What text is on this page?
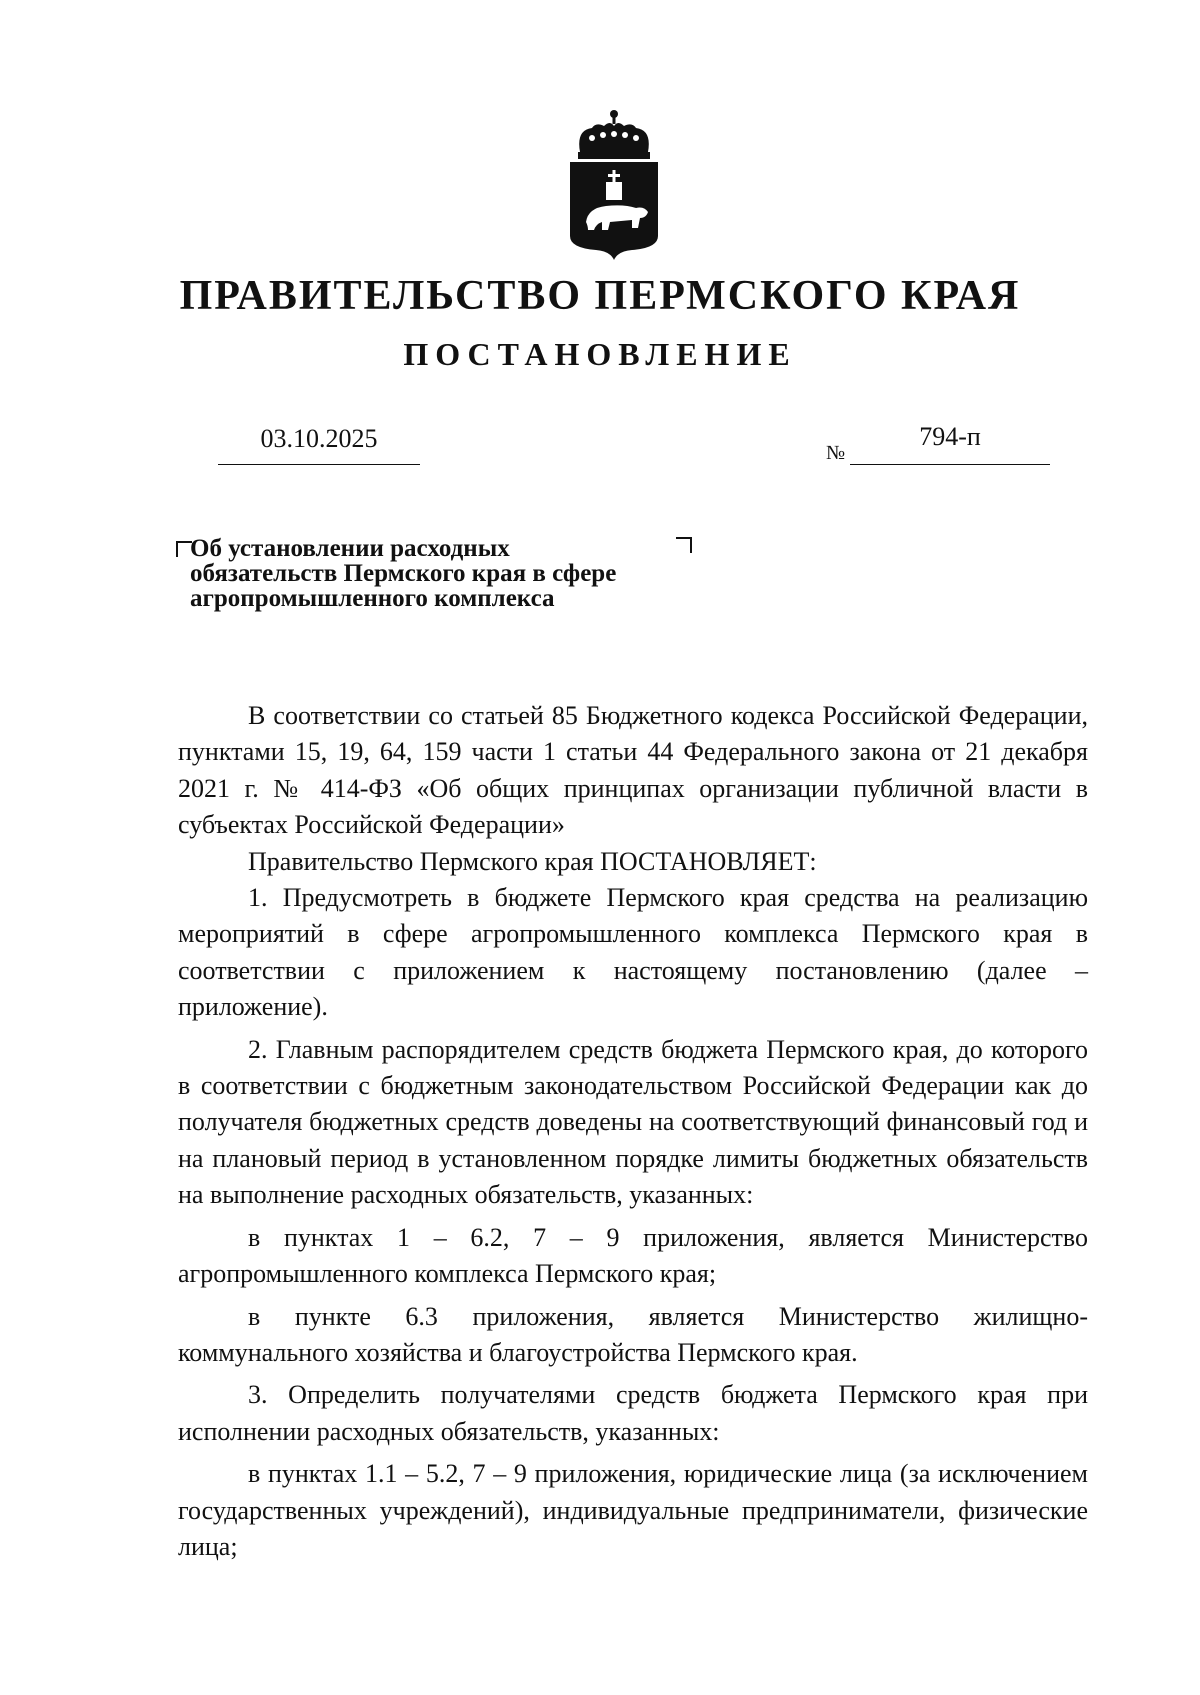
ПРАВИТЕЛЬСТВО ПЕРМСКОГО КРАЯ
ПОСТАНОВЛЕНИЕ
03.10.2025	№
794-п

Об установлении расходных
обязательств Пермского края в сфере
агропромышленного комплекса

В соответствии со статьей 85 Бюджетного кодекса Российской Федерации, пунктами 15, 19, 64, 159 части 1 статьи 44 Федерального закона от 21 декабря 2021 г. № 414-ФЗ «Об общих принципах организации публичной власти в субъектах Российской Федерации»

Правительство Пермского края ПОСТАНОВЛЯЕТ:

1. Предусмотреть в бюджете Пермского края средства на реализацию мероприятий в сфере агропромышленного комплекса Пермского края в соответствии с приложением к настоящему постановлению (далее – приложение).

2. Главным распорядителем средств бюджета Пермского края, до которого в соответствии с бюджетным законодательством Российской Федерации как до получателя бюджетных средств доведены на соответствующий финансовый год и на плановый период в установленном порядке лимиты бюджетных обязательств на выполнение расходных обязательств, указанных:

в пунктах 1 – 6.2, 7 – 9 приложения, является Министерство агропромышленного комплекса Пермского края;

в пункте 6.3 приложения, является Министерство жилищно-коммунального хозяйства и благоустройства Пермского края.

3. Определить получателями средств бюджета Пермского края при исполнении расходных обязательств, указанных:

в пунктах 1.1 – 5.2, 7 – 9 приложения, юридические лица (за исключением государственных учреждений), индивидуальные предприниматели, физические лица;
